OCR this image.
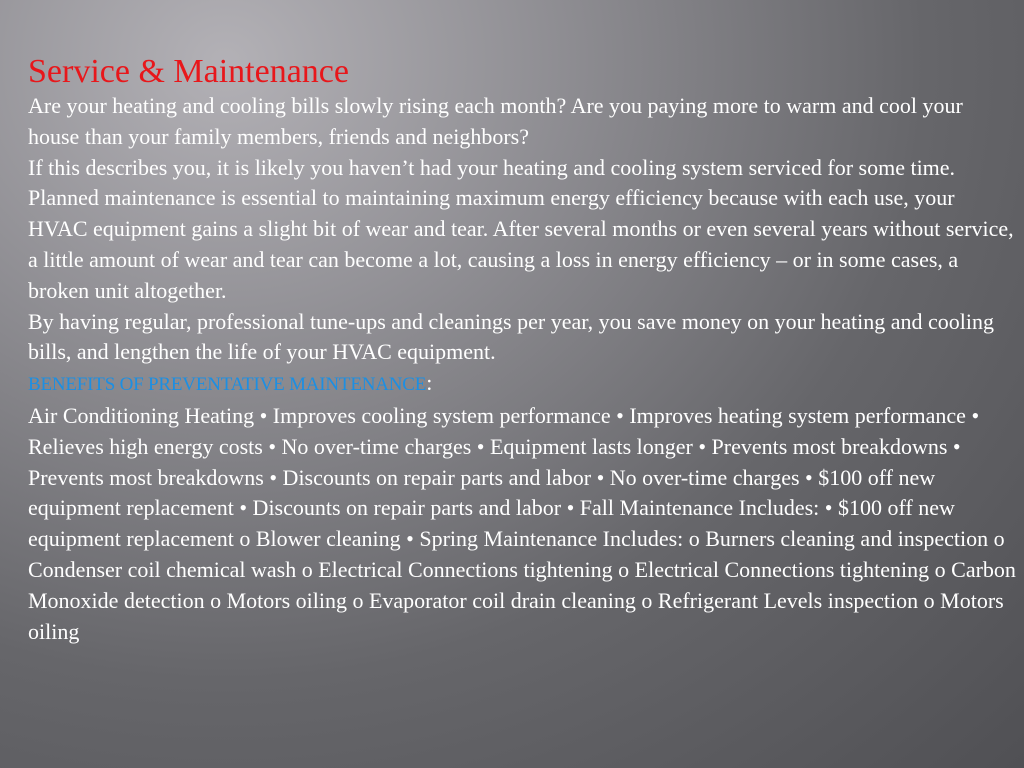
Service & Maintenance

Are your heating and cooling bills slowly rising each month? Are you paying more to warm and cool your house than your family members, friends and neighbors?

If this describes you, it is likely you haven’t had your heating and cooling system serviced for some time. Planned maintenance is essential to maintaining maximum energy efficiency because with each use, your HVAC equipment gains a slight bit of wear and tear. After several months or even several years without service, a little amount of wear and tear can become a lot, causing a loss in energy efficiency – or in some cases, a broken unit altogether.

By having regular, professional tune-ups and cleanings per year, you save money on your heating and cooling bills, and lengthen the life of your HVAC equipment.

BENEFITS OF PREVENTATIVE MAINTENANCE:

Air Conditioning Heating • Improves cooling system performance • Improves heating system performance • Relieves high energy costs • No over-time charges • Equipment lasts longer • Prevents most breakdowns • Prevents most breakdowns • Discounts on repair parts and labor • No over-time charges • $100 off new equipment replacement • Discounts on repair parts and labor • Fall Maintenance Includes: • $100 off new equipment replacement o Blower cleaning • Spring Maintenance Includes: o Burners cleaning and inspection o Condenser coil chemical wash o Electrical Connections tightening o Electrical Connections tightening o Carbon Monoxide detection o Motors oiling o Evaporator coil drain cleaning o Refrigerant Levels inspection o Motors oiling
